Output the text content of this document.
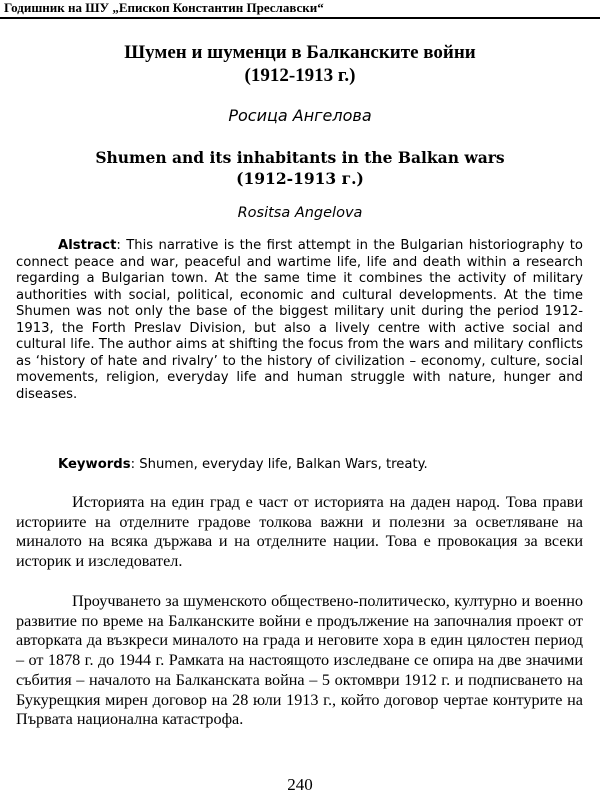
Годишник на ШУ „Епископ Константин Преславски“
Шумен и шуменци в Балканските войни
(1912-1913 г.)
Росица Ангелова
Shumen and its inhabitants in the Balkan wars
(1912-1913 г.)
Rositsa Angelova

Alstract: This narrative is the first attempt in the Bulgarian historiography to connect peace and war, peaceful and wartime life, life and death within a research regarding a Bulgarian town. At the same time it combines the activity of military authorities with social, political, economic and cultural developments. At the time Shumen was not only the base of the biggest military unit during the period 1912-1913, the Forth Preslav Division, but also a lively centre with active social and cultural life. The author aims at shifting the focus from the wars and military conflicts as ‘history of hate and rivalry’ to the history of civilization – economy, culture, social movements, religion, everyday life and human struggle with nature, hunger and diseases.

Keywords: Shumen, everyday life, Balkan Wars, treaty.

Историята на един град е част от историята на даден народ. Това прави историите на отделните градове толкова важни и полезни за осветляване на миналото на всяка държава и на отделните нации. Това е провокация за всеки историк и изследовател.

Проучването за шуменското обществено-политическо, културно и военно развитие по време на Балканските войни е продължение на започналия проект от авторката да възкреси миналото на града и неговите хора в един цялостен период – от 1878 г. до 1944 г. Рамката на настоящото изследване се опира на две значими събития – началото на Балканската война – 5 октомври 1912 г. и подписването на Букурещкия мирен договор на 28 юли 1913 г., който договор чертае контурите на Първата национална катастрофа.

240
